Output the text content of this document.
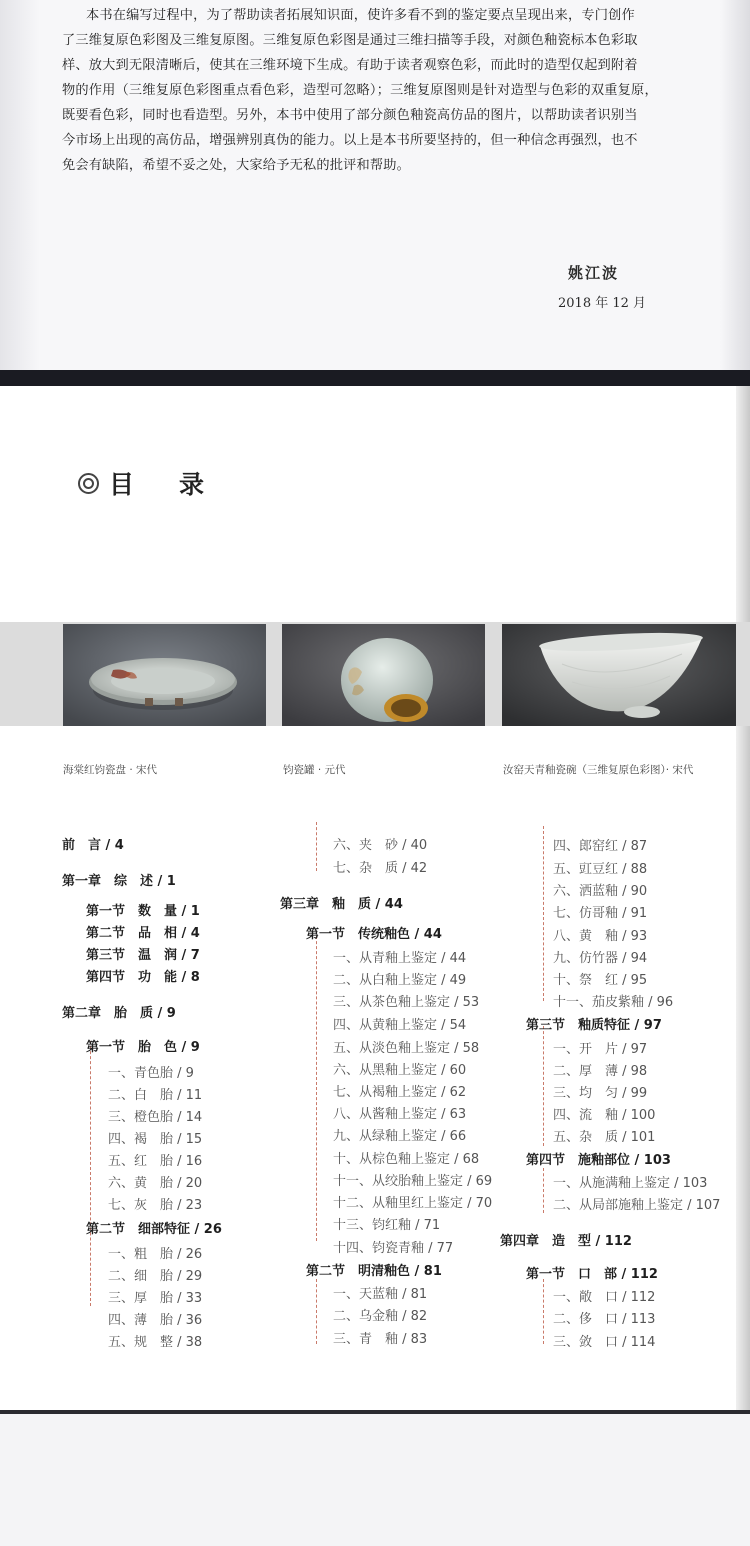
本书在编写过程中，为了帮助读者拓展知识面，使许多看不到的鉴定要点呈现出来，专门创作
了三维复原色彩图及三维复原图。三维复原色彩图是通过三维扫描等手段，对颜色釉瓷标本色彩取
样、放大到无限清晰后，使其在三维环境下生成。有助于读者观察色彩，而此时的造型仅起到附着
物的作用（三维复原色彩图重点看色彩，造型可忽略）；三维复原图则是针对造型与色彩的双重复原，
既要看色彩，同时也看造型。另外，本书中使用了部分颜色釉瓷高仿品的图片，以帮助读者识别当
今市场上出现的高仿品，增强辨别真伪的能力。以上是本书所要坚持的，但一种信念再强烈，也不
免会有缺陷，希望不妥之处，大家给予无私的批评和帮助。
姚江波
2018 年 12 月
目　录
海棠红钧瓷盘 · 宋代	钧瓷罐 · 元代	汝窑天青釉瓷碗（三维复原色彩图）· 宋代
前　言 / 4
第一章　综　述 / 1
第一节　数　量 / 1
第二节　品　相 / 4
第三节　温　润 / 7
第四节　功　能 / 8
第二章　胎　质 / 9
第一节　胎　色 / 9
一、青色胎 / 9
二、白　胎 / 11
三、橙色胎 / 14
四、褐　胎 / 15
五、红　胎 / 16
六、黄　胎 / 20
七、灰　胎 / 23
第二节　细部特征 / 26
一、粗　胎 / 26
二、细　胎 / 29
三、厚　胎 / 33
四、薄　胎 / 36
五、规　整 / 38
六、夹　砂 / 40
七、杂　质 / 42
第三章　釉　质 / 44
第一节　传统釉色 / 44
一、从青釉上鉴定 / 44
二、从白釉上鉴定 / 49
三、从茶色釉上鉴定 / 53
四、从黄釉上鉴定 / 54
五、从淡色釉上鉴定 / 58
六、从黑釉上鉴定 / 60
七、从褐釉上鉴定 / 62
八、从酱釉上鉴定 / 63
九、从绿釉上鉴定 / 66
十、从棕色釉上鉴定 / 68
十一、从绞胎釉上鉴定 / 69
十二、从釉里红上鉴定 / 70
十三、钧红釉 / 71
十四、钧瓷青釉 / 77
第二节　明清釉色 / 81
一、天蓝釉 / 81
二、乌金釉 / 82
三、青　釉 / 83
四、郎窑红 / 87
五、豇豆红 / 88
六、洒蓝釉 / 90
七、仿哥釉 / 91
八、黄　釉 / 93
九、仿竹器 / 94
十、祭　红 / 95
十一、茄皮紫釉 / 96
第三节　釉质特征 / 97
一、开　片 / 97
二、厚　薄 / 98
三、均　匀 / 99
四、流　釉 / 100
五、杂　质 / 101
第四节　施釉部位 / 103
一、从施满釉上鉴定 / 103
二、从局部施釉上鉴定 / 107
第四章　造　型 / 112
第一节　口　部 / 112
一、敞　口 / 112
二、侈　口 / 113
三、敛　口 / 114
